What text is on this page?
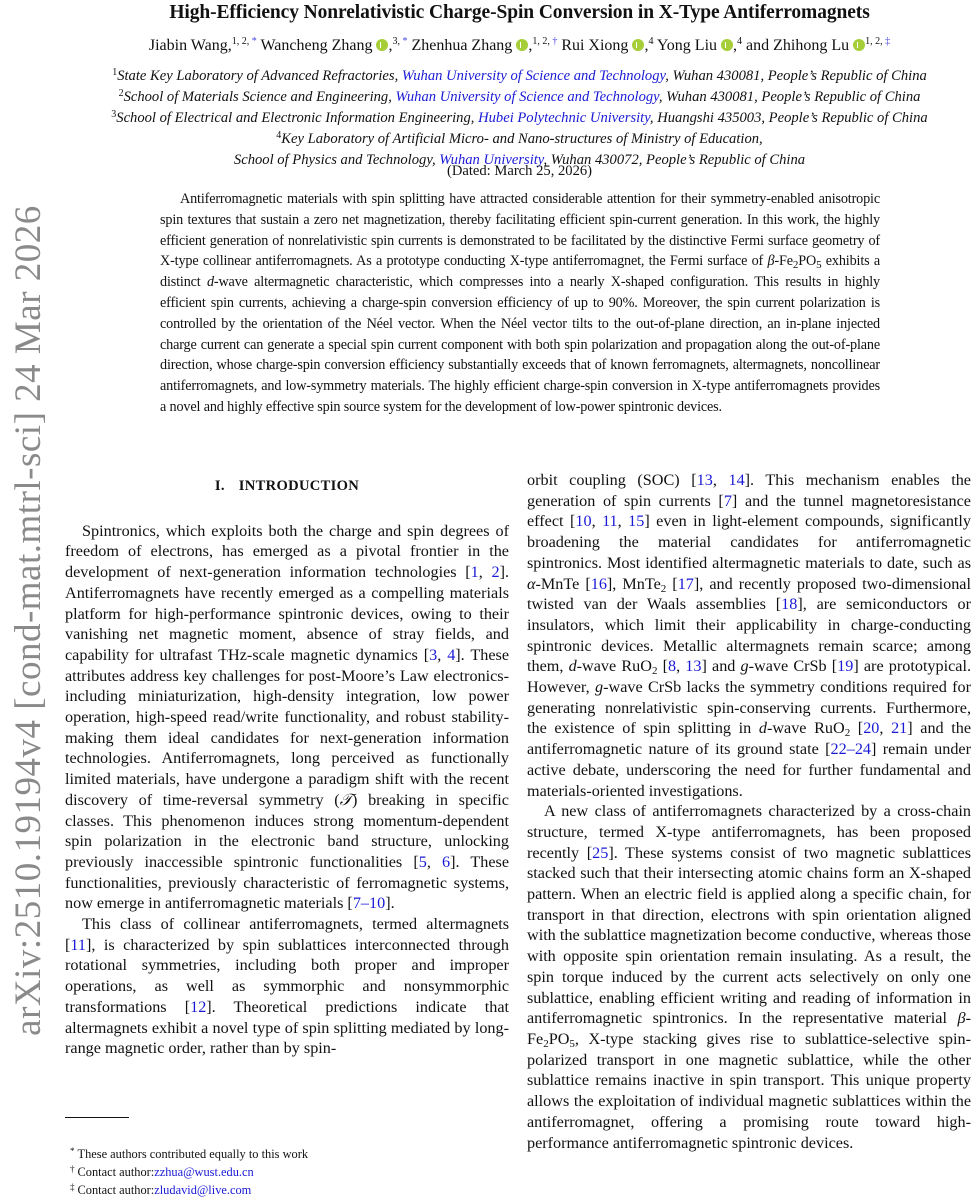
arXiv:2510.19194v4 [cond-mat.mtrl-sci] 24 Mar 2026
High-Efficiency Nonrelativistic Charge-Spin Conversion in X-Type Antiferromagnets
Jiabin Wang,$^{1, 2, *}$ Wancheng Zhang ,$^{3, *}$ Zhenhua Zhang ,$^{1, 2, \dagger}$ Rui Xiong ,$^4$ Yong Liu ,$^4$ and Zhihong Lu $^{1, 2, \ddagger}$
$^1$State Key Laboratory of Advanced Refractories, Wuhan University of Science and Technology, Wuhan 430081, People’s Republic of China
$^2$School of Materials Science and Engineering, Wuhan University of Science and Technology, Wuhan 430081, People’s Republic of China
$^3$School of Electrical and Electronic Information Engineering, Hubei Polytechnic University, Huangshi 435003, People’s Republic of China
$^4$Key Laboratory of Artificial Micro- and Nano-structures of Ministry of Education,
School of Physics and Technology, Wuhan University, Wuhan 430072, People’s Republic of China
(Dated: March 25, 2026)
Antiferromagnetic materials with spin splitting have attracted considerable attention for their symmetry-enabled anisotropic spin textures that sustain a zero net magnetization, thereby facilitating efficient spin-current generation. In this work, the highly efficient generation of nonrelativistic spin currents is demonstrated to be facilitated by the distinctive Fermi surface geometry of X-type collinear antiferromagnets. As a prototype conducting X-type antiferromagnet, the Fermi surface of $\beta-Fe_2PO_5$ exhibits a distinct d-wave altermagnetic characteristic, which compresses into a nearly X-shaped configuration. This results in highly efficient spin currents, achieving a charge-spin conversion efficiency of up to 90%. Moreover, the spin current polarization is controlled by the orientation of the Néel vector. When the Néel vector tilts to the out-of-plane direction, an in-plane injected charge current can generate a special spin current component with both spin polarization and propagation along the out-of-plane direction, whose charge-spin conversion efficiency substantially exceeds that of known ferromagnets, altermagnets, noncollinear antiferromagnets, and low-symmetry materials. The highly efficient charge-spin conversion in X-type antiferromagnets provides a novel and highly effective spin source system for the development of low-power spintronic devices.
I. INTRODUCTION

Spintronics, which exploits both the charge and spin degrees of freedom of electrons, has emerged as a pivotal frontier in the development of next-generation information technologies [1, 2]. Antiferromagnets have recently emerged as a compelling materials platform for high-performance spintronic devices, owing to their vanishing net magnetic moment, absence of stray fields, and capability for ultrafast THz-scale magnetic dynamics [3, 4]. These attributes address key challenges for post-Moore’s Law electronics-including miniaturization, high-density integration, low power operation, high-speed read/write functionality, and robust stability-making them ideal candidates for next-generation information technologies. Antiferromagnets, long perceived as functionally limited materials, have undergone a paradigm shift with the recent discovery of time-reversal symmetry (𝒯) breaking in specific classes. This phenomenon induces strong momentum-dependent spin polarization in the electronic band structure, unlocking previously inaccessible spintronic functionalities [5, 6]. These functionalities, previously characteristic of ferromagnetic systems, now emerge in antiferromagnetic materials [7–10].

This class of collinear antiferromagnets, termed altermagnets [11], is characterized by spin sublattices interconnected through rotational symmetries, including both proper and improper operations, as well as symmorphic and nonsymmorphic transformations [12]. Theoretical predictions indicate that altermagnets exhibit a novel type of spin splitting mediated by long-range magnetic order, rather than by spin-

orbit coupling (SOC) [13, 14]. This mechanism enables the generation of spin currents [7] and the tunnel magnetoresistance effect [10, 11, 15] even in light-element compounds, significantly broadening the material candidates for antiferromagnetic spintronics. Most identified altermagnetic materials to date, such as α-MnTe [16], MnTe$_2$ [17], and recently proposed two-dimensional twisted van der Waals assemblies [18], are semiconductors or insulators, which limit their applicability in charge-conducting spintronic devices. Metallic altermagnets remain scarce; among them, d-wave RuO$_2$ [8, 13] and g-wave CrSb [19] are prototypical. However, g-wave CrSb lacks the symmetry conditions required for generating nonrelativistic spin-conserving currents. Furthermore, the existence of spin splitting in d-wave RuO$_2$ [20, 21] and the antiferromagnetic nature of its ground state [22–24] remain under active debate, underscoring the need for further fundamental and materials-oriented investigations.

A new class of antiferromagnets characterized by a cross-chain structure, termed X-type antiferromagnets, has been proposed recently [25]. These systems consist of two magnetic sublattices stacked such that their intersecting atomic chains form an X-shaped pattern. When an electric field is applied along a specific chain, for transport in that direction, electrons with spin orientation aligned with the sublattice magnetization become conductive, whereas those with opposite spin orientation remain insulating. As a result, the spin torque induced by the current acts selectively on only one sublattice, enabling efficient writing and reading of information in antiferromagnetic spintronics. In the representative material $\beta-Fe_2PO_5$, X-type stacking gives rise to sublattice-selective spin-polarized transport in one magnetic sublattice, while the other sublattice remains inactive in spin transport. This unique property allows the exploitation of individual magnetic sublattices within the antiferromagnet, offering a promising route toward high-performance antiferromagnetic spintronic devices.

* These authors contributed equally to this work
† Contact author:zzhua@wust.edu.cn
‡ Contact author:zludavid@live.com
